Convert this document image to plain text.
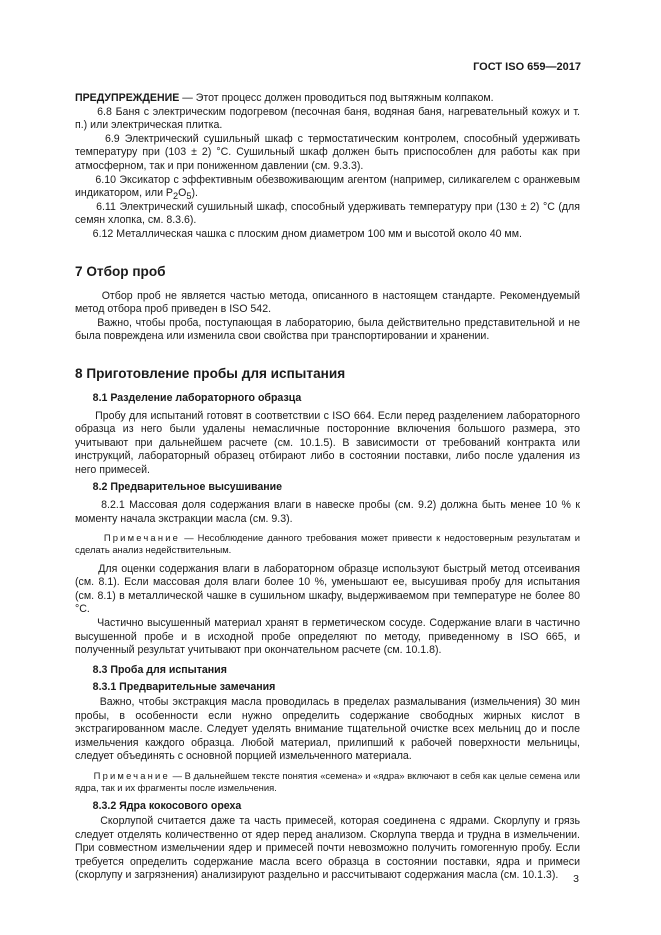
ГОСТ ISO 659—2017

ПРЕДУПРЕЖДЕНИЕ — Этот процесс должен проводиться под вытяжным колпаком.

6.8 Баня с электрическим подогревом (песочная баня, водяная баня, нагревательный кожух и т. п.) или электрическая плитка.

6.9 Электрический сушильный шкаф с термостатическим контролем, способный удерживать температуру при (103 ± 2) °С. Сушильный шкаф должен быть приспособлен для работы как при атмосферном, так и при пониженном давлении (см. 9.3.3).

6.10 Эксикатор с эффективным обезвоживающим агентом (например, силикагелем с оранжевым индикатором, или P2O5).

6.11 Электрический сушильный шкаф, способный удерживать температуру при (130 ± 2) °С (для семян хлопка, см. 8.3.6).

6.12 Металлическая чашка с плоским дном диаметром 100 мм и высотой около 40 мм.

7 Отбор проб

Отбор проб не является частью метода, описанного в настоящем стандарте. Рекомендуемый метод отбора проб приведен в ISO 542.

Важно, чтобы проба, поступающая в лабораторию, была действительно представительной и не была повреждена или изменила свои свойства при транспортировании и хранении.

8 Приготовление пробы для испытания
8.1 Разделение лабораторного образца

Пробу для испытаний готовят в соответствии с ISO 664. Если перед разделением лабораторного образца из него были удалены немасличные посторонние включения большого размера, это учитывают при дальнейшем расчете (см. 10.1.5). В зависимости от требований контракта или инструкций, лабораторный образец отбирают либо в состоянии поставки, либо после удаления из него примесей.

8.2 Предварительное высушивание

8.2.1 Массовая доля содержания влаги в навеске пробы (см. 9.2) должна быть менее 10 % к моменту начала экстракции масла (см. 9.3).

Примечание — Несоблюдение данного требования может привести к недостоверным результатам и сделать анализ недействительным.

Для оценки содержания влаги в лабораторном образце используют быстрый метод отсеивания (см. 8.1). Если массовая доля влаги более 10 %, уменьшают ее, высушивая пробу для испытания (см. 8.1) в металлической чашке в сушильном шкафу, выдерживаемом при температуре не более 80 °С.

Частично высушенный материал хранят в герметическом сосуде. Содержание влаги в частично высушенной пробе и в исходной пробе определяют по методу, приведенному в ISO 665, и полученный результат учитывают при окончательном расчете (см. 10.1.8).

8.3 Проба для испытания
8.3.1 Предварительные замечания

Важно, чтобы экстракция масла проводилась в пределах размалывания (измельчения) 30 мин пробы, в особенности если нужно определить содержание свободных жирных кислот в экстрагированном масле. Следует уделять внимание тщательной очистке всех мельниц до и после измельчения каждого образца. Любой материал, прилипший к рабочей поверхности мельницы, следует объединять с основной порцией измельченного материала.

Примечание — В дальнейшем тексте понятия «семена» и «ядра» включают в себя как целые семена или ядра, так и их фрагменты после измельчения.

8.3.2 Ядра кокосового ореха

Скорлупой считается даже та часть примесей, которая соединена с ядрами. Скорлупу и грязь следует отделять количественно от ядер перед анализом. Скорлупа тверда и трудна в измельчении. При совместном измельчении ядер и примесей почти невозможно получить гомогенную пробу. Если требуется определить содержание масла всего образца в состоянии поставки, ядра и примеси (скорлупу и загрязнения) анализируют раздельно и рассчитывают содержания масла (см. 10.1.3).	3
